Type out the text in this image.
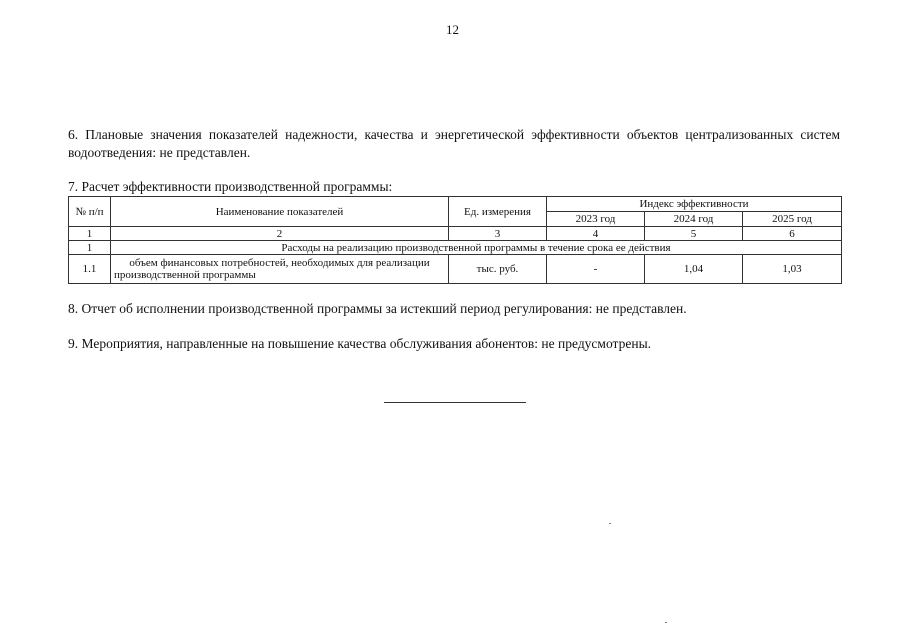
12
6. Плановые значения показателей надежности, качества и энергетической эффективности объектов централизованных систем водоотведения: не представлен.
7. Расчет эффективности производственной программы:
№ п/п	Наименование показателей	Ед. измерения	Индекс эффективности		
			2023 год	2024 год	2025 год
1	2	3	4	5	6
1	Расходы на реализацию производственной программы в течение срока ее действия				
1.1	объем финансовых потребностей, необходимых для реализации производственной программы	тыс. руб.	-	1,04	1,03
8. Отчет об исполнении производственной программы за истекший период регулирования: не представлен.
9. Мероприятия, направленные на повышение качества обслуживания абонентов: не предусмотрены.
